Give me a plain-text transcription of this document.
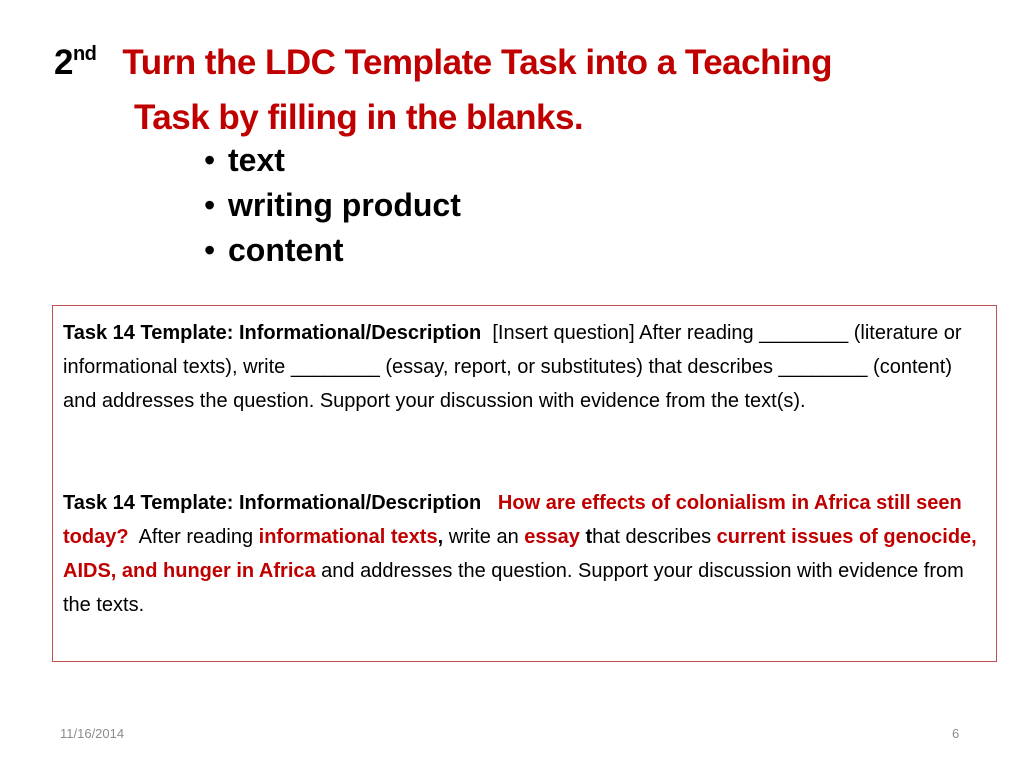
2nd Turn the LDC Template Task into a Teaching
Task by filling in the blanks.
• text
• writing product
• content

Task 14 Template: Informational/Description [Insert question] After reading ________ (literature or informational texts), write ________ (essay, report, or substitutes) that describes ________ (content) and addresses the question. Support your discussion with evidence from the text(s).

Task 14 Template: Informational/Description How are effects of colonialism in Africa still seen today? After reading informational texts, write an essay that describes current issues of genocide, AIDS, and hunger in Africa and addresses the question. Support your discussion with evidence from the texts.

11/16/2014	6
